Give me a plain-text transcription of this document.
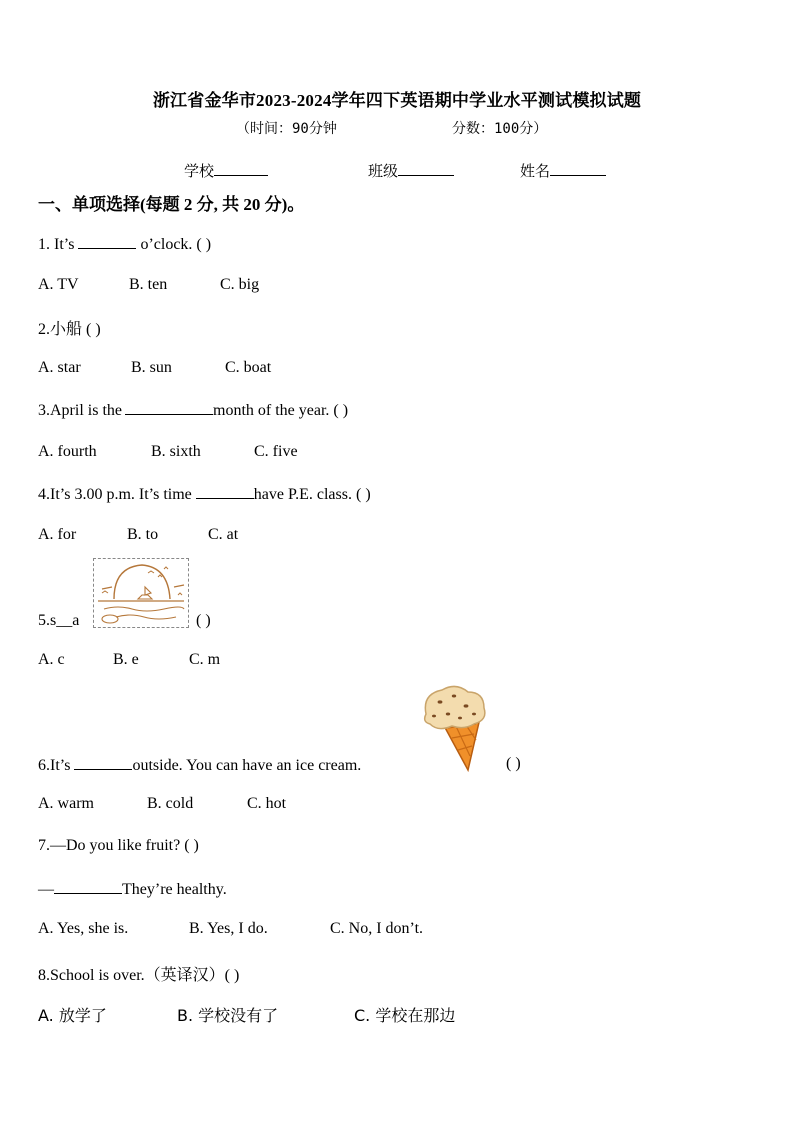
浙江省金华市2023-2024学年四下英语期中学业水平测试模拟试题
（时间：90分钟	分数：100分）
学校	班级	姓名
一、单项选择(每题 2 分, 共 20 分)。
1. It’s	o’clock. ( )
A. TV	B. ten	C. big
2.小船 ( )
A. star	B. sun	C. boat
3.April is the	month of the year. ( )
A. fourth	B. sixth	C. five
4.It’s 3.00 p.m. It’s time	have P.E. class. ( )
A. for	B. to	C. at
5.s__a	( )
A. c	B. e	C. m
6.It’s	outside. You can have an ice cream.	( )
A. warm	B. cold	C. hot
7.—Do you like fruit? ( )
—	They’re healthy.
A. Yes, she is.	B. Yes, I do.	C. No, I don’t.
8.School is over.（英译汉）( )
A. 放学了	B. 学校没有了	C. 学校在那边
